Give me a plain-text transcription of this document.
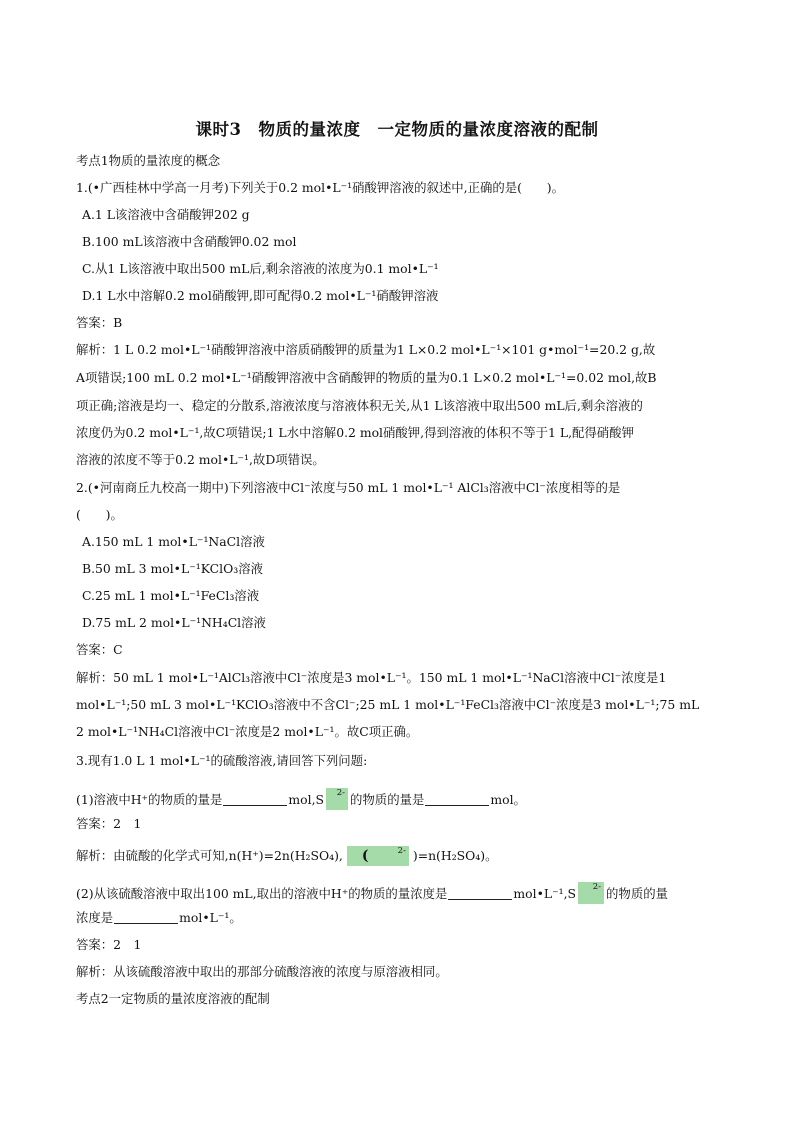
课时3　物质的量浓度　一定物质的量浓度溶液的配制
考点1物质的量浓度的概念
1.(•广西桂林中学高一月考)下列关于0.2 mol•L⁻¹硝酸钾溶液的叙述中,正确的是(　　)。
A.1 L该溶液中含硝酸钾202 g
B.100 mL该溶液中含硝酸钾0.02 mol
C.从1 L该溶液中取出500 mL后,剩余溶液的浓度为0.1 mol•L⁻¹
D.1 L水中溶解0.2 mol硝酸钾,即可配得0.2 mol•L⁻¹硝酸钾溶液
答案：B
解析：1 L 0.2 mol•L⁻¹硝酸钾溶液中溶质硝酸钾的质量为1 L×0.2 mol•L⁻¹×101 g•mol⁻¹=20.2 g,故
A项错误;100 mL 0.2 mol•L⁻¹硝酸钾溶液中含硝酸钾的物质的量为0.1 L×0.2 mol•L⁻¹=0.02 mol,故B
项正确;溶液是均一、稳定的分散系,溶液浓度与溶液体积无关,从1 L该溶液中取出500 mL后,剩余溶液的
浓度仍为0.2 mol•L⁻¹,故C项错误;1 L水中溶解0.2 mol硝酸钾,得到溶液的体积不等于1 L,配得硝酸钾
溶液的浓度不等于0.2 mol•L⁻¹,故D项错误。
2.(•河南商丘九校高一期中)下列溶液中Cl⁻浓度与50 mL 1 mol•L⁻¹ AlCl₃溶液中Cl⁻浓度相等的是
(　　)。
A.150 mL 1 mol•L⁻¹NaCl溶液
B.50 mL 3 mol•L⁻¹KClO₃溶液
C.25 mL 1 mol•L⁻¹FeCl₃溶液
D.75 mL 2 mol•L⁻¹NH₄Cl溶液
答案：C
解析：50 mL 1 mol•L⁻¹AlCl₃溶液中Cl⁻浓度是3 mol•L⁻¹。150 mL 1 mol•L⁻¹NaCl溶液中Cl⁻浓度是1
mol•L⁻¹;50 mL 3 mol•L⁻¹KClO₃溶液中不含Cl⁻;25 mL 1 mol•L⁻¹FeCl₃溶液中Cl⁻浓度是3 mol•L⁻¹;75 mL
2 mol•L⁻¹NH₄Cl溶液中Cl⁻浓度是2 mol•L⁻¹。故C项正确。
3.现有1.0 L 1 mol•L⁻¹的硫酸溶液,请回答下列问题:
(1)溶液中H⁺的物质的量是	mol,S 2- 的物质的量是	mol。
答案：2　1
解析：由硫酸的化学式可知,n(H⁺)=2n(H₂SO₄), (	2- )=n(H₂SO₄)。
(2)从该硫酸溶液中取出100 mL,取出的溶液中H⁺的物质的量浓度是	mol•L⁻¹,S 2- 的物质的量
浓度是	mol•L⁻¹。
答案：2　1
解析：从该硫酸溶液中取出的那部分硫酸溶液的浓度与原溶液相同。
考点2一定物质的量浓度溶液的配制
